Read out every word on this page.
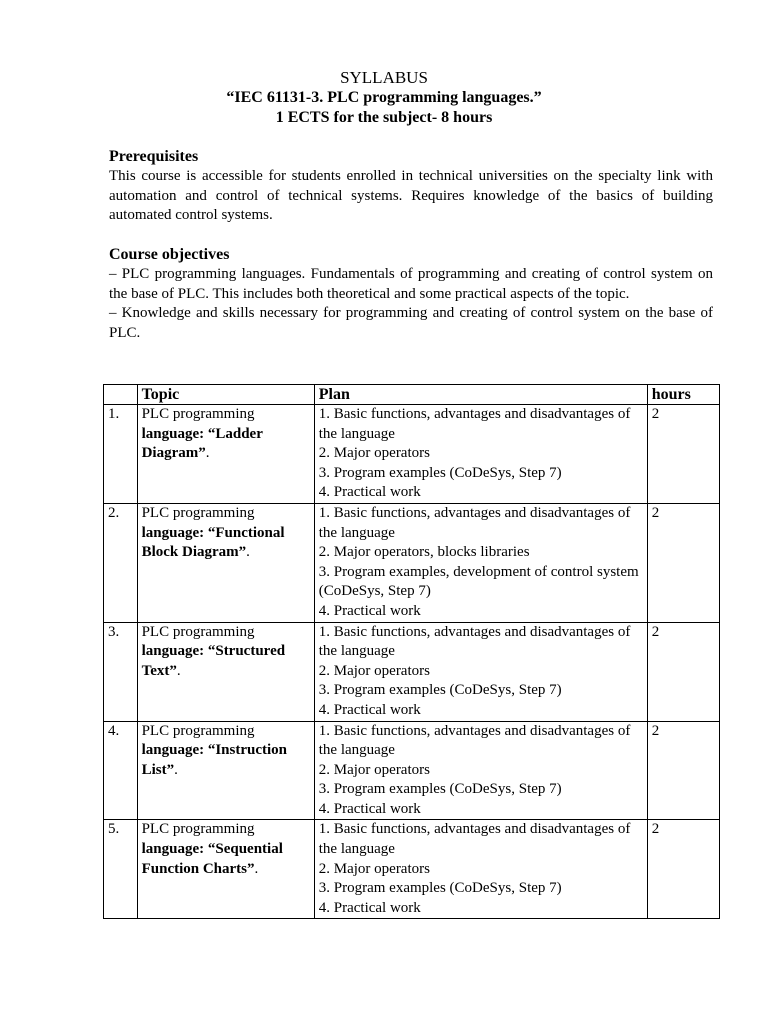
SYLLABUS
“IEC 61131-3. PLC programming languages.”
1 ECTS for the subject- 8 hours
Prerequisites

This course is accessible for students enrolled in technical universities on the specialty link with automation and control of technical systems. Requires knowledge of the basics of building automated control systems.

Course objectives

– PLC programming languages. Fundamentals of programming and creating of control system on the base of PLC. This includes both theoretical and some practical aspects of the topic.

– Knowledge and skills necessary for programming and creating of control system on the base of PLC.

	Topic	Plan	hours
1.	PLC programming language: “Ladder Diagram”.	1. Basic functions, advantages and disadvantages of the language
2. Major operators
3. Program examples (CoDeSys, Step 7)
4. Practical work	2
2.	PLC programming language: “Functional Block Diagram”.	1. Basic functions, advantages and disadvantages of the language
2. Major operators, blocks libraries
3. Program examples, development of control system (CoDeSys, Step 7)
4. Practical work	2
3.	PLC programming language: “Structured Text”.	1. Basic functions, advantages and disadvantages of the language
2. Major operators
3. Program examples (CoDeSys, Step 7)
4. Practical work	2
4.	PLC programming language: “Instruction List”.	1. Basic functions, advantages and disadvantages of the language
2. Major operators
3. Program examples (CoDeSys, Step 7)
4. Practical work	2
5.	PLC programming language: “Sequential Function Charts”.	1. Basic functions, advantages and disadvantages of the language
2. Major operators
3. Program examples (CoDeSys, Step 7)
4. Practical work	2
